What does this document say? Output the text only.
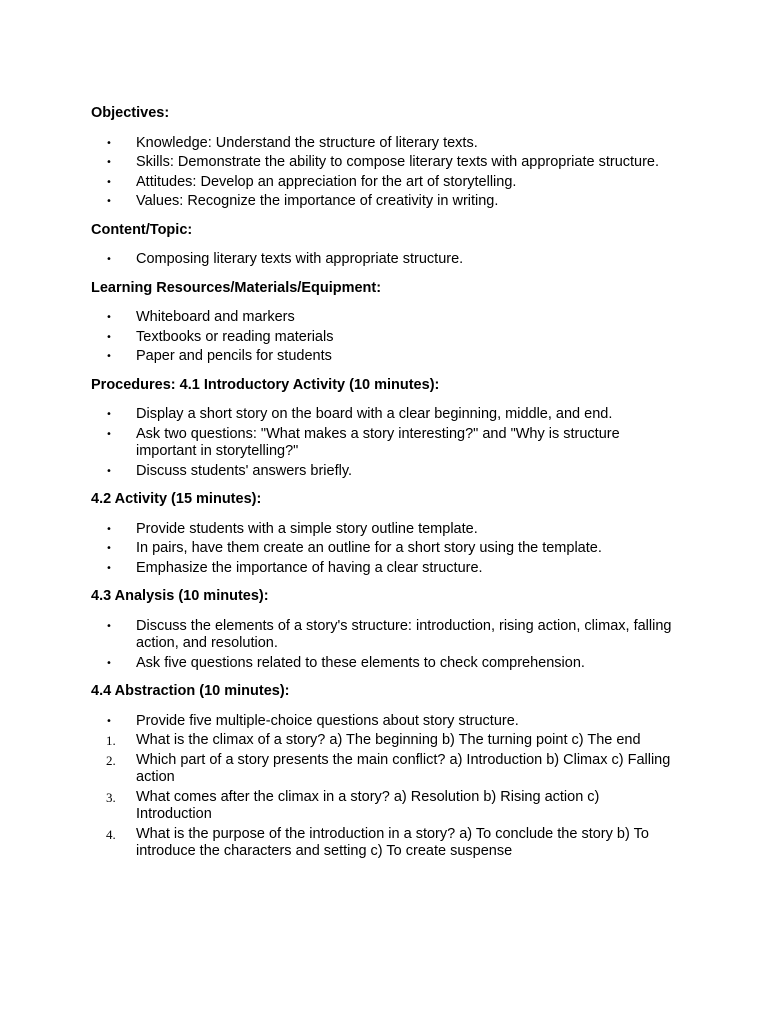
Objectives:

• Knowledge: Understand the structure of literary texts.
• Skills: Demonstrate the ability to compose literary texts with appropriate structure.
• Attitudes: Develop an appreciation for the art of storytelling.
• Values: Recognize the importance of creativity in writing.

Content/Topic:

• Composing literary texts with appropriate structure.

Learning Resources/Materials/Equipment:

• Whiteboard and markers
• Textbooks or reading materials
• Paper and pencils for students

Procedures: 4.1 Introductory Activity (10 minutes):

• Display a short story on the board with a clear beginning, middle, and end.
• Ask two questions: "What makes a story interesting?" and "Why is structure important in storytelling?"
• Discuss students' answers briefly.

4.2 Activity (15 minutes):

• Provide students with a simple story outline template.
• In pairs, have them create an outline for a short story using the template.
• Emphasize the importance of having a clear structure.

4.3 Analysis (10 minutes):

• Discuss the elements of a story's structure: introduction, rising action, climax, falling action, and resolution.
• Ask five questions related to these elements to check comprehension.

4.4 Abstraction (10 minutes):

• Provide five multiple-choice questions about story structure.
1. What is the climax of a story? a) The beginning b) The turning point c) The end
2. Which part of a story presents the main conflict? a) Introduction b) Climax c) Falling action
3. What comes after the climax in a story? a) Resolution b) Rising action c) Introduction
4. What is the purpose of the introduction in a story? a) To conclude the story b) To introduce the characters and setting c) To create suspense
